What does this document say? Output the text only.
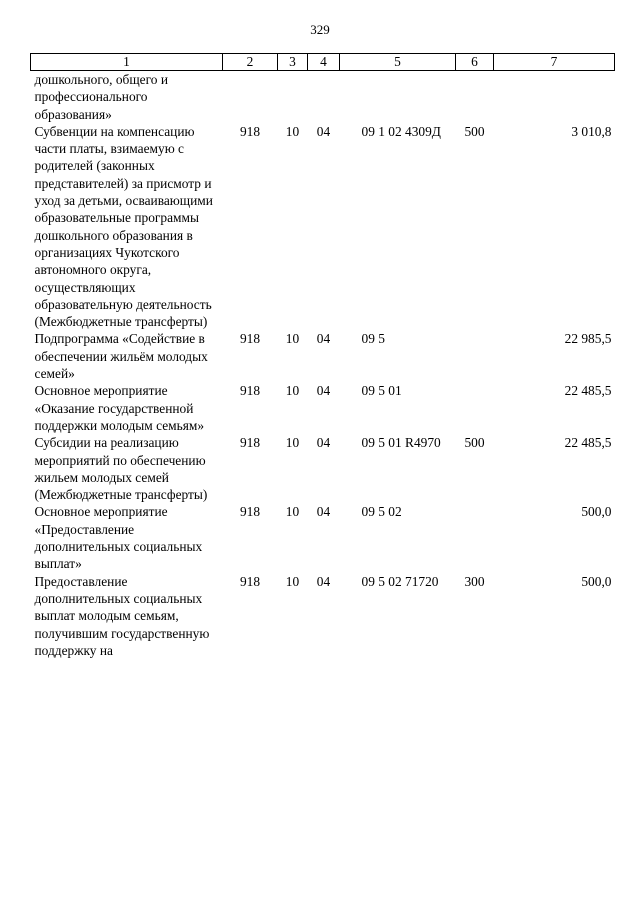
329
1	2	3	4	5	6	7
дошкольного, общего и профессионального образования»						
Субвенции на компенсацию части платы, взимаемую с родителей (законных представителей) за присмотр и уход за детьми, осваивающими образовательные программы дошкольного образования в организациях Чукотского автономного округа, осуществляющих образовательную деятельность (Межбюджетные трансферты)	918	10	04	09 1 02 4309Д	500	3 010,8
Подпрограмма «Содействие в обеспечении жильём молодых семей»	918	10	04	09 5		22 985,5
Основное мероприятие «Оказание государственной поддержки молодым семьям»	918	10	04	09 5 01		22 485,5
Субсидии на реализацию мероприятий по обеспечению жильем молодых семей (Межбюджетные трансферты)	918	10	04	09 5 01 R4970	500	22 485,5
Основное мероприятие «Предоставление дополнительных социальных выплат»	918	10	04	09 5 02		500,0
Предоставление дополнительных социальных выплат молодым семьям, получившим государственную поддержку на	918	10	04	09 5 02 71720	300	500,0
